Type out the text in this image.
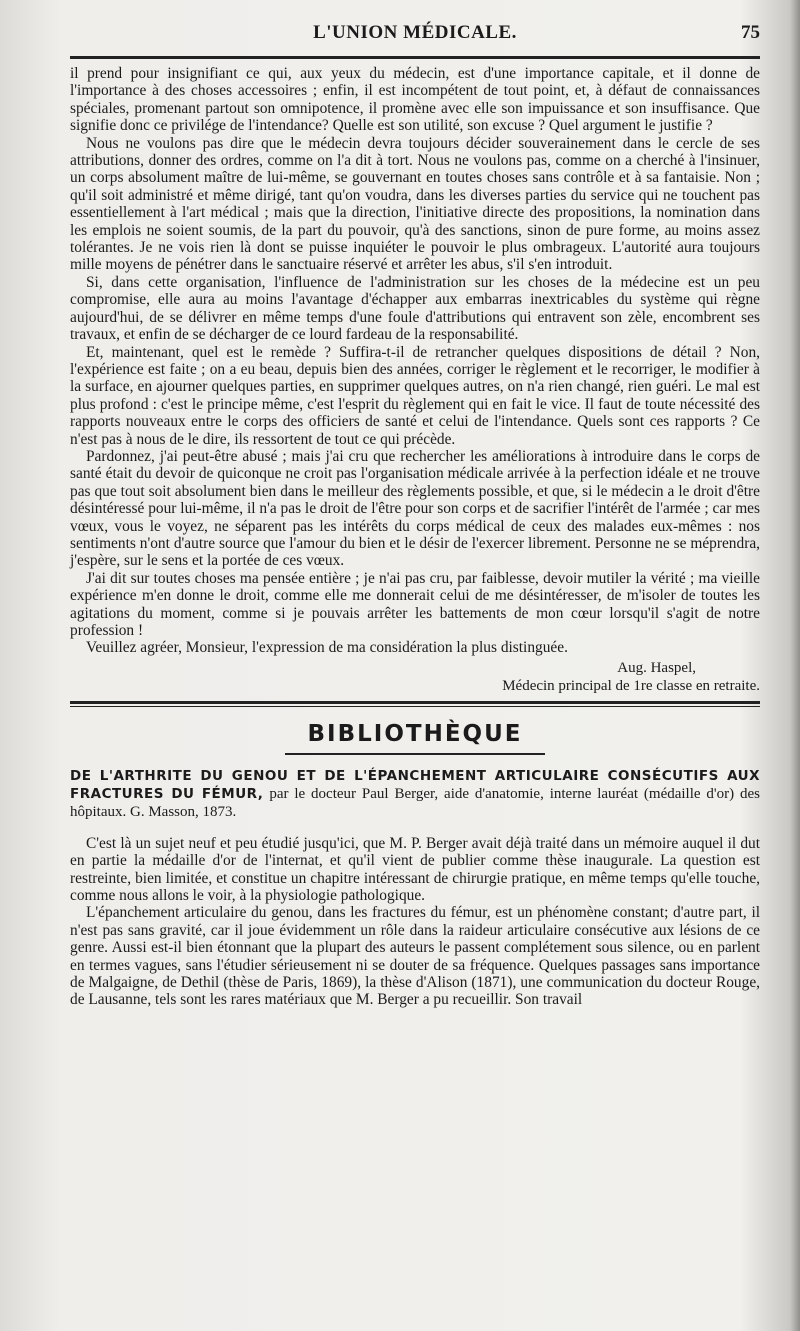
L'UNION MÉDICALE.	75

il prend pour insignifiant ce qui, aux yeux du médecin, est d'une importance capitale, et il donne de l'importance à des choses accessoires ; enfin, il est incompétent de tout point, et, à défaut de connaissances spéciales, promenant partout son omnipotence, il promène avec elle son impuissance et son insuffisance. Que signifie donc ce privilége de l'intendance? Quelle est son utilité, son excuse ? Quel argument le justifie ?

Nous ne voulons pas dire que le médecin devra toujours décider souverainement dans le cercle de ses attributions, donner des ordres, comme on l'a dit à tort. Nous ne voulons pas, comme on a cherché à l'insinuer, un corps absolument maître de lui-même, se gouvernant en toutes choses sans contrôle et à sa fantaisie. Non ; qu'il soit administré et même dirigé, tant qu'on voudra, dans les diverses parties du service qui ne touchent pas essentiellement à l'art médical ; mais que la direction, l'initiative directe des propositions, la nomination dans les emplois ne soient soumis, de la part du pouvoir, qu'à des sanctions, sinon de pure forme, au moins assez tolérantes. Je ne vois rien là dont se puisse inquiéter le pouvoir le plus ombrageux. L'autorité aura toujours mille moyens de pénétrer dans le sanctuaire réservé et arrêter les abus, s'il s'en introduit.

Si, dans cette organisation, l'influence de l'administration sur les choses de la médecine est un peu compromise, elle aura au moins l'avantage d'échapper aux embarras inextricables du système qui règne aujourd'hui, de se délivrer en même temps d'une foule d'attributions qui entravent son zèle, encombrent ses travaux, et enfin de se décharger de ce lourd fardeau de la responsabilité.

Et, maintenant, quel est le remède ? Suffira-t-il de retrancher quelques dispositions de détail ? Non, l'expérience est faite ; on a eu beau, depuis bien des années, corriger le règlement et le recorriger, le modifier à la surface, en ajourner quelques parties, en supprimer quelques autres, on n'a rien changé, rien guéri. Le mal est plus profond : c'est le principe même, c'est l'esprit du règlement qui en fait le vice. Il faut de toute nécessité des rapports nouveaux entre le corps des officiers de santé et celui de l'intendance. Quels sont ces rapports ? Ce n'est pas à nous de le dire, ils ressortent de tout ce qui précède.

Pardonnez, j'ai peut-être abusé ; mais j'ai cru que rechercher les améliorations à introduire dans le corps de santé était du devoir de quiconque ne croit pas l'organisation médicale arrivée à la perfection idéale et ne trouve pas que tout soit absolument bien dans le meilleur des règlements possible, et que, si le médecin a le droit d'être désintéressé pour lui-même, il n'a pas le droit de l'être pour son corps et de sacrifier l'intérêt de l'armée ; car mes vœux, vous le voyez, ne séparent pas les intérêts du corps médical de ceux des malades eux-mêmes : nos sentiments n'ont d'autre source que l'amour du bien et le désir de l'exercer librement. Personne ne se méprendra, j'espère, sur le sens et la portée de ces vœux.

J'ai dit sur toutes choses ma pensée entière ; je n'ai pas cru, par faiblesse, devoir mutiler la vérité ; ma vieille expérience m'en donne le droit, comme elle me donnerait celui de me désintéresser, de m'isoler de toutes les agitations du moment, comme si je pouvais arrêter les battements de mon cœur lorsqu'il s'agit de notre profession !

Veuillez agréer, Monsieur, l'expression de ma considération la plus distinguée.

Aug. Haspel,
Médecin principal de 1re classe en retraite.
BIBLIOTHÈQUE
DE L'ARTHRITE DU GENOU ET DE L'ÉPANCHEMENT ARTICULAIRE CONSÉCUTIFS AUX FRACTURES DU FÉMUR, par le docteur Paul Berger, aide d'anatomie, interne lauréat (médaille d'or) des hôpitaux. G. Masson, 1873.

C'est là un sujet neuf et peu étudié jusqu'ici, que M. P. Berger avait déjà traité dans un mémoire auquel il dut en partie la médaille d'or de l'internat, et qu'il vient de publier comme thèse inaugurale. La question est restreinte, bien limitée, et constitue un chapitre intéressant de chirurgie pratique, en même temps qu'elle touche, comme nous allons le voir, à la physiologie pathologique.

L'épanchement articulaire du genou, dans les fractures du fémur, est un phénomène constant; d'autre part, il n'est pas sans gravité, car il joue évidemment un rôle dans la raideur articulaire consécutive aux lésions de ce genre. Aussi est-il bien étonnant que la plupart des auteurs le passent complétement sous silence, ou en parlent en termes vagues, sans l'étudier sérieusement ni se douter de sa fréquence. Quelques passages sans importance de Malgaigne, de Dethil (thèse de Paris, 1869), la thèse d'Alison (1871), une communication du docteur Rouge, de Lausanne, tels sont les rares matériaux que M. Berger a pu recueillir. Son travail
